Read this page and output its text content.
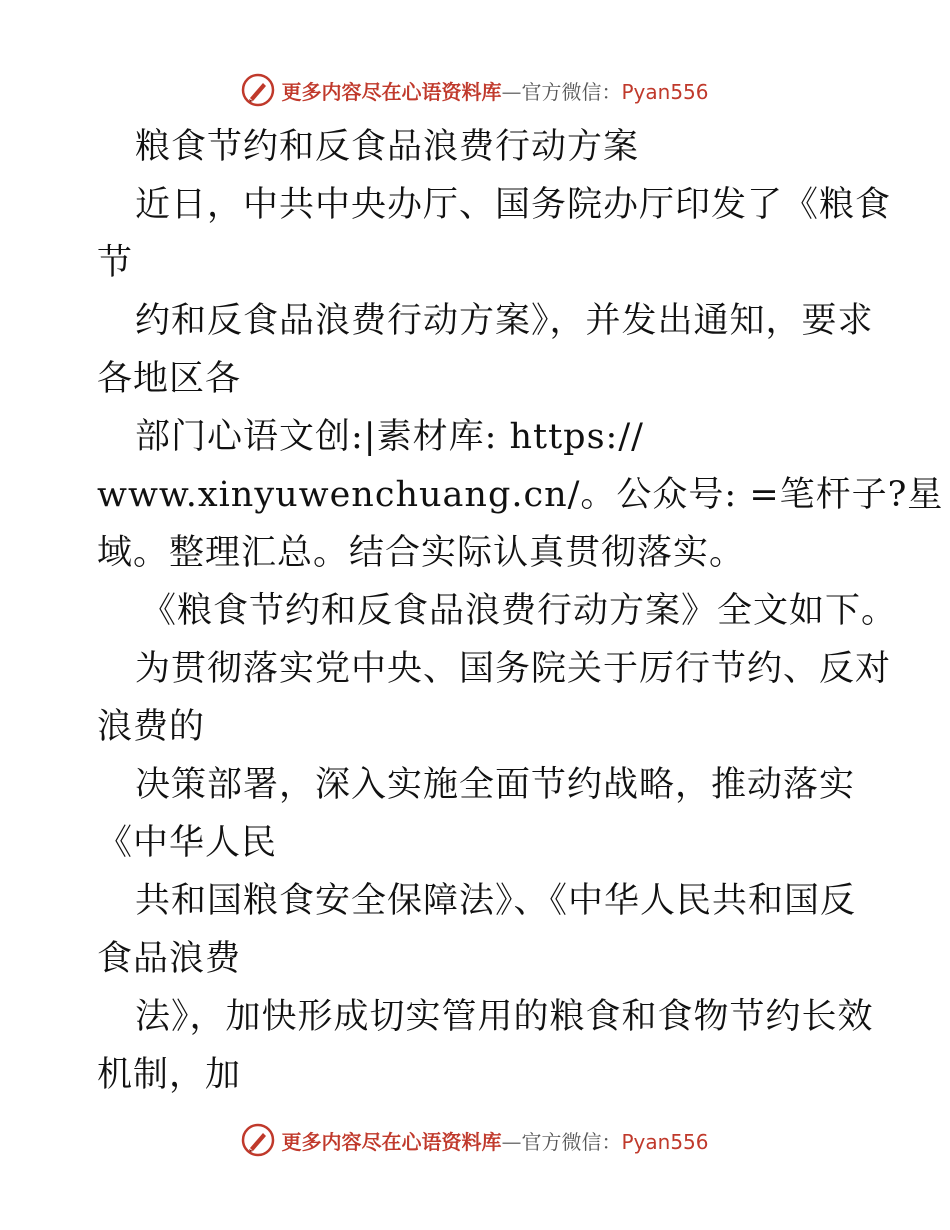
更多内容尽在心语资料库—官方微信：Pyan556
粮食节约和反食品浪费行动方案
近日，中共中央办厅、国务院办厅印发了《粮食
节
约和反食品浪费行动方案》，并发出通知，要求
各地区各
部门心语文创:|素材库: https://
www.xinyuwenchuang.cn/。公众号: =笔杆子?星
域。整理汇总。结合实际认真贯彻落实。
《粮食节约和反食品浪费行动方案》全文如下。
为贯彻落实党中央、国务院关于厉行节约、反对
浪费的
决策部署，深入实施全面节约战略，推动落实
《中华人民
共和国粮食安全保障法》、《中华人民共和国反
食品浪费
法》，加快形成切实管用的粮食和食物节约长效
机制，加
更多内容尽在心语资料库—官方微信：Pyan556
